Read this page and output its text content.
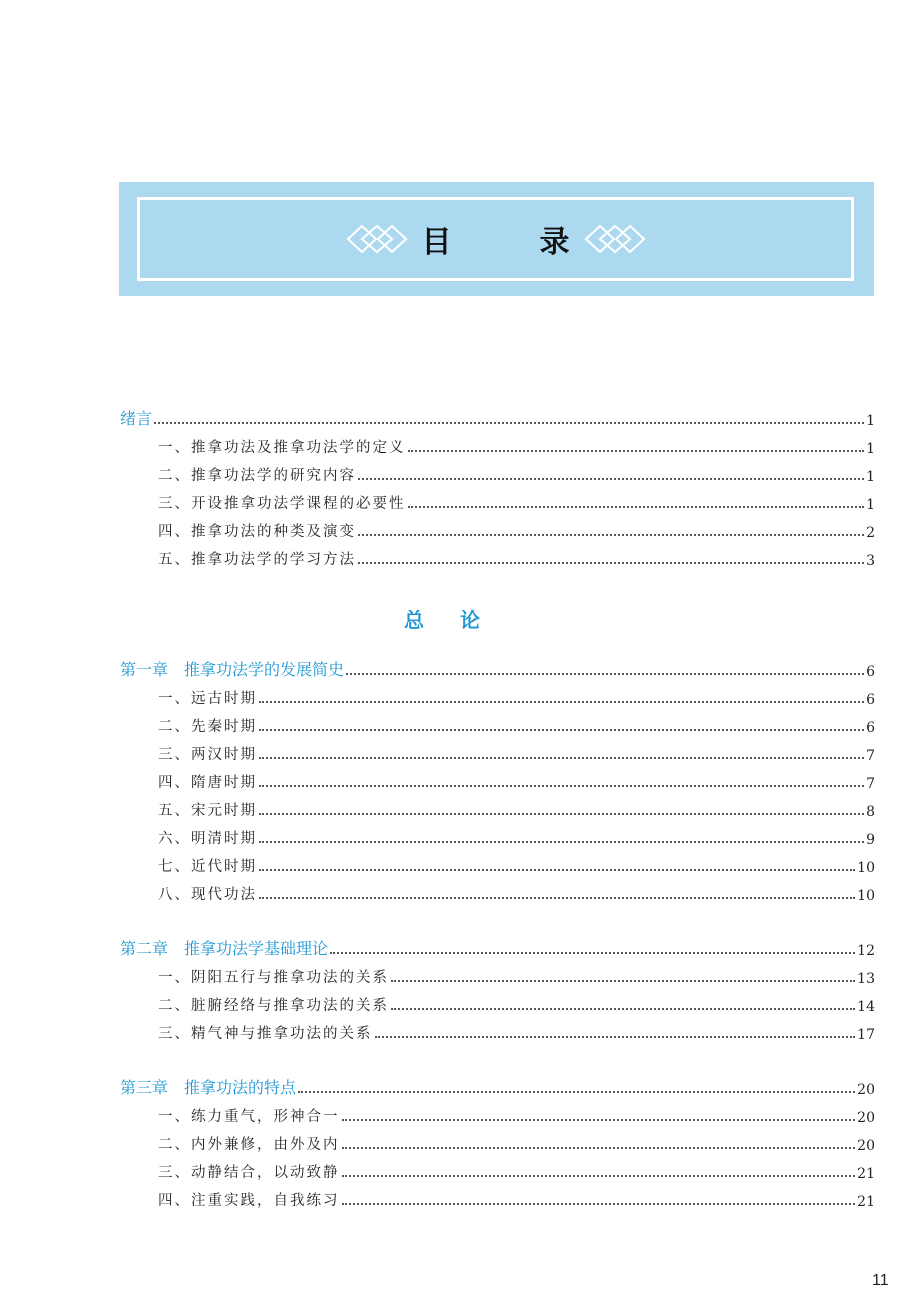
目	录
绪言	1
一、推拿功法及推拿功法学的定义	1
二、推拿功法学的研究内容	1
三、开设推拿功法学课程的必要性	1
四、推拿功法的种类及演变	2
五、推拿功法学的学习方法	3
总论
第一章　推拿功法学的发展简史	6
一、远古时期	6
二、先秦时期	6
三、两汉时期	7
四、隋唐时期	7
五、宋元时期	8
六、明清时期	9
七、近代时期	10
八、现代功法	10
第二章　推拿功法学基础理论	12
一、阴阳五行与推拿功法的关系	13
二、脏腑经络与推拿功法的关系	14
三、精气神与推拿功法的关系	17
第三章　推拿功法的特点	20
一、练力重气，形神合一	20
二、内外兼修，由外及内	20
三、动静结合，以动致静	21
四、注重实践，自我练习	21
11
